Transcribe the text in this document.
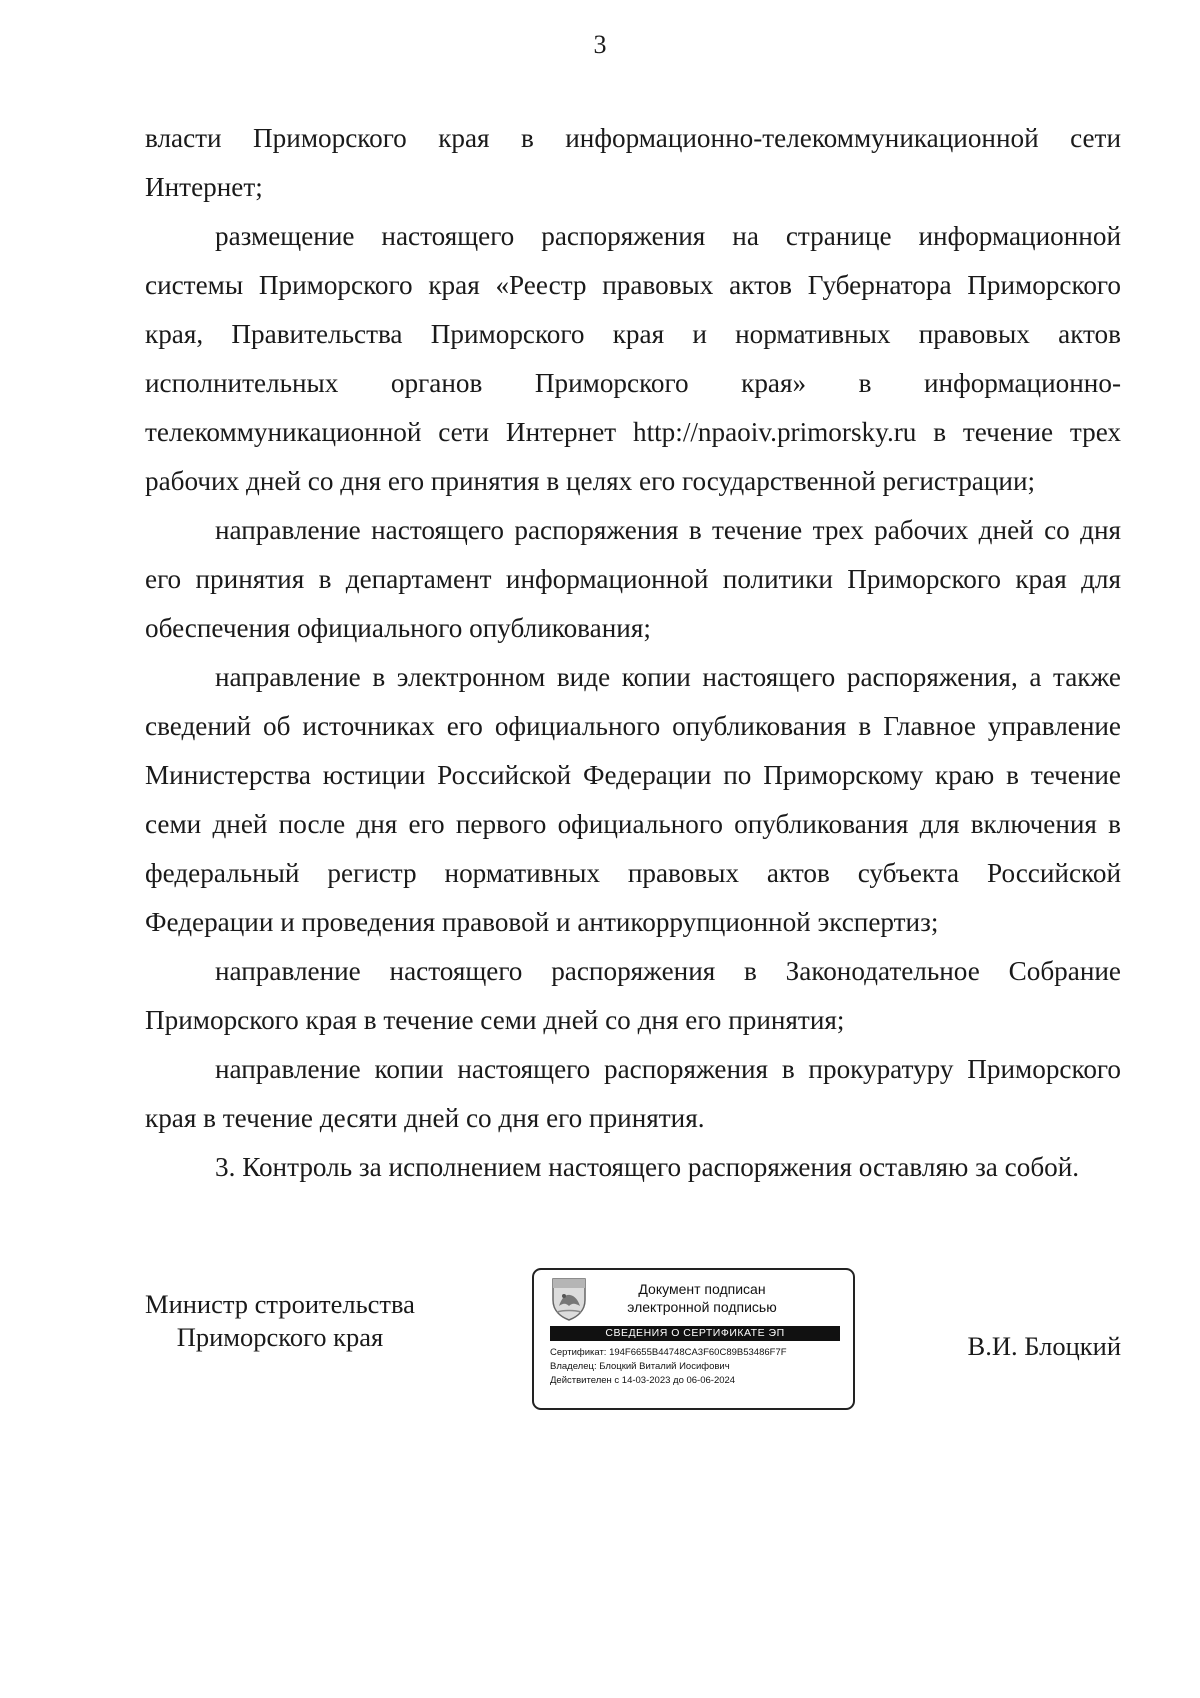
3

власти Приморского края в информационно-телекоммуникационной сети Интернет;

размещение настоящего распоряжения на странице информационной системы Приморского края «Реестр правовых актов Губернатора Приморского края, Правительства Приморского края и нормативных правовых актов исполнительных органов Приморского края» в информационно-телекоммуникационной сети Интернет http://npaoiv.primorsky.ru в течение трех рабочих дней со дня его принятия в целях его государственной регистрации;

направление настоящего распоряжения в течение трех рабочих дней со дня его принятия в департамент информационной политики Приморского края для обеспечения официального опубликования;

направление в электронном виде копии настоящего распоряжения, а также сведений об источниках его официального опубликования в Главное управление Министерства юстиции Российской Федерации по Приморскому краю в течение семи дней после дня его первого официального опубликования для включения в федеральный регистр нормативных правовых актов субъекта Российской Федерации и проведения правовой и антикоррупционной экспертиз;

направление настоящего распоряжения в Законодательное Собрание Приморского края в течение семи дней со дня его принятия;

направление копии настоящего распоряжения в прокуратуру Приморского края в течение десяти дней со дня его принятия.

3. Контроль за исполнением настоящего распоряжения оставляю за собой.

Министр строительства
Приморского края
Документ подписан
электронной подписью
СВЕДЕНИЯ О СЕРТИФИКАТЕ ЭП
Сертификат: 194F6655B44748CA3F60C89B53486F7F
Владелец: Блоцкий Виталий Иосифович
Действителен с 14-03-2023 до 06-06-2024
В.И. Блоцкий
